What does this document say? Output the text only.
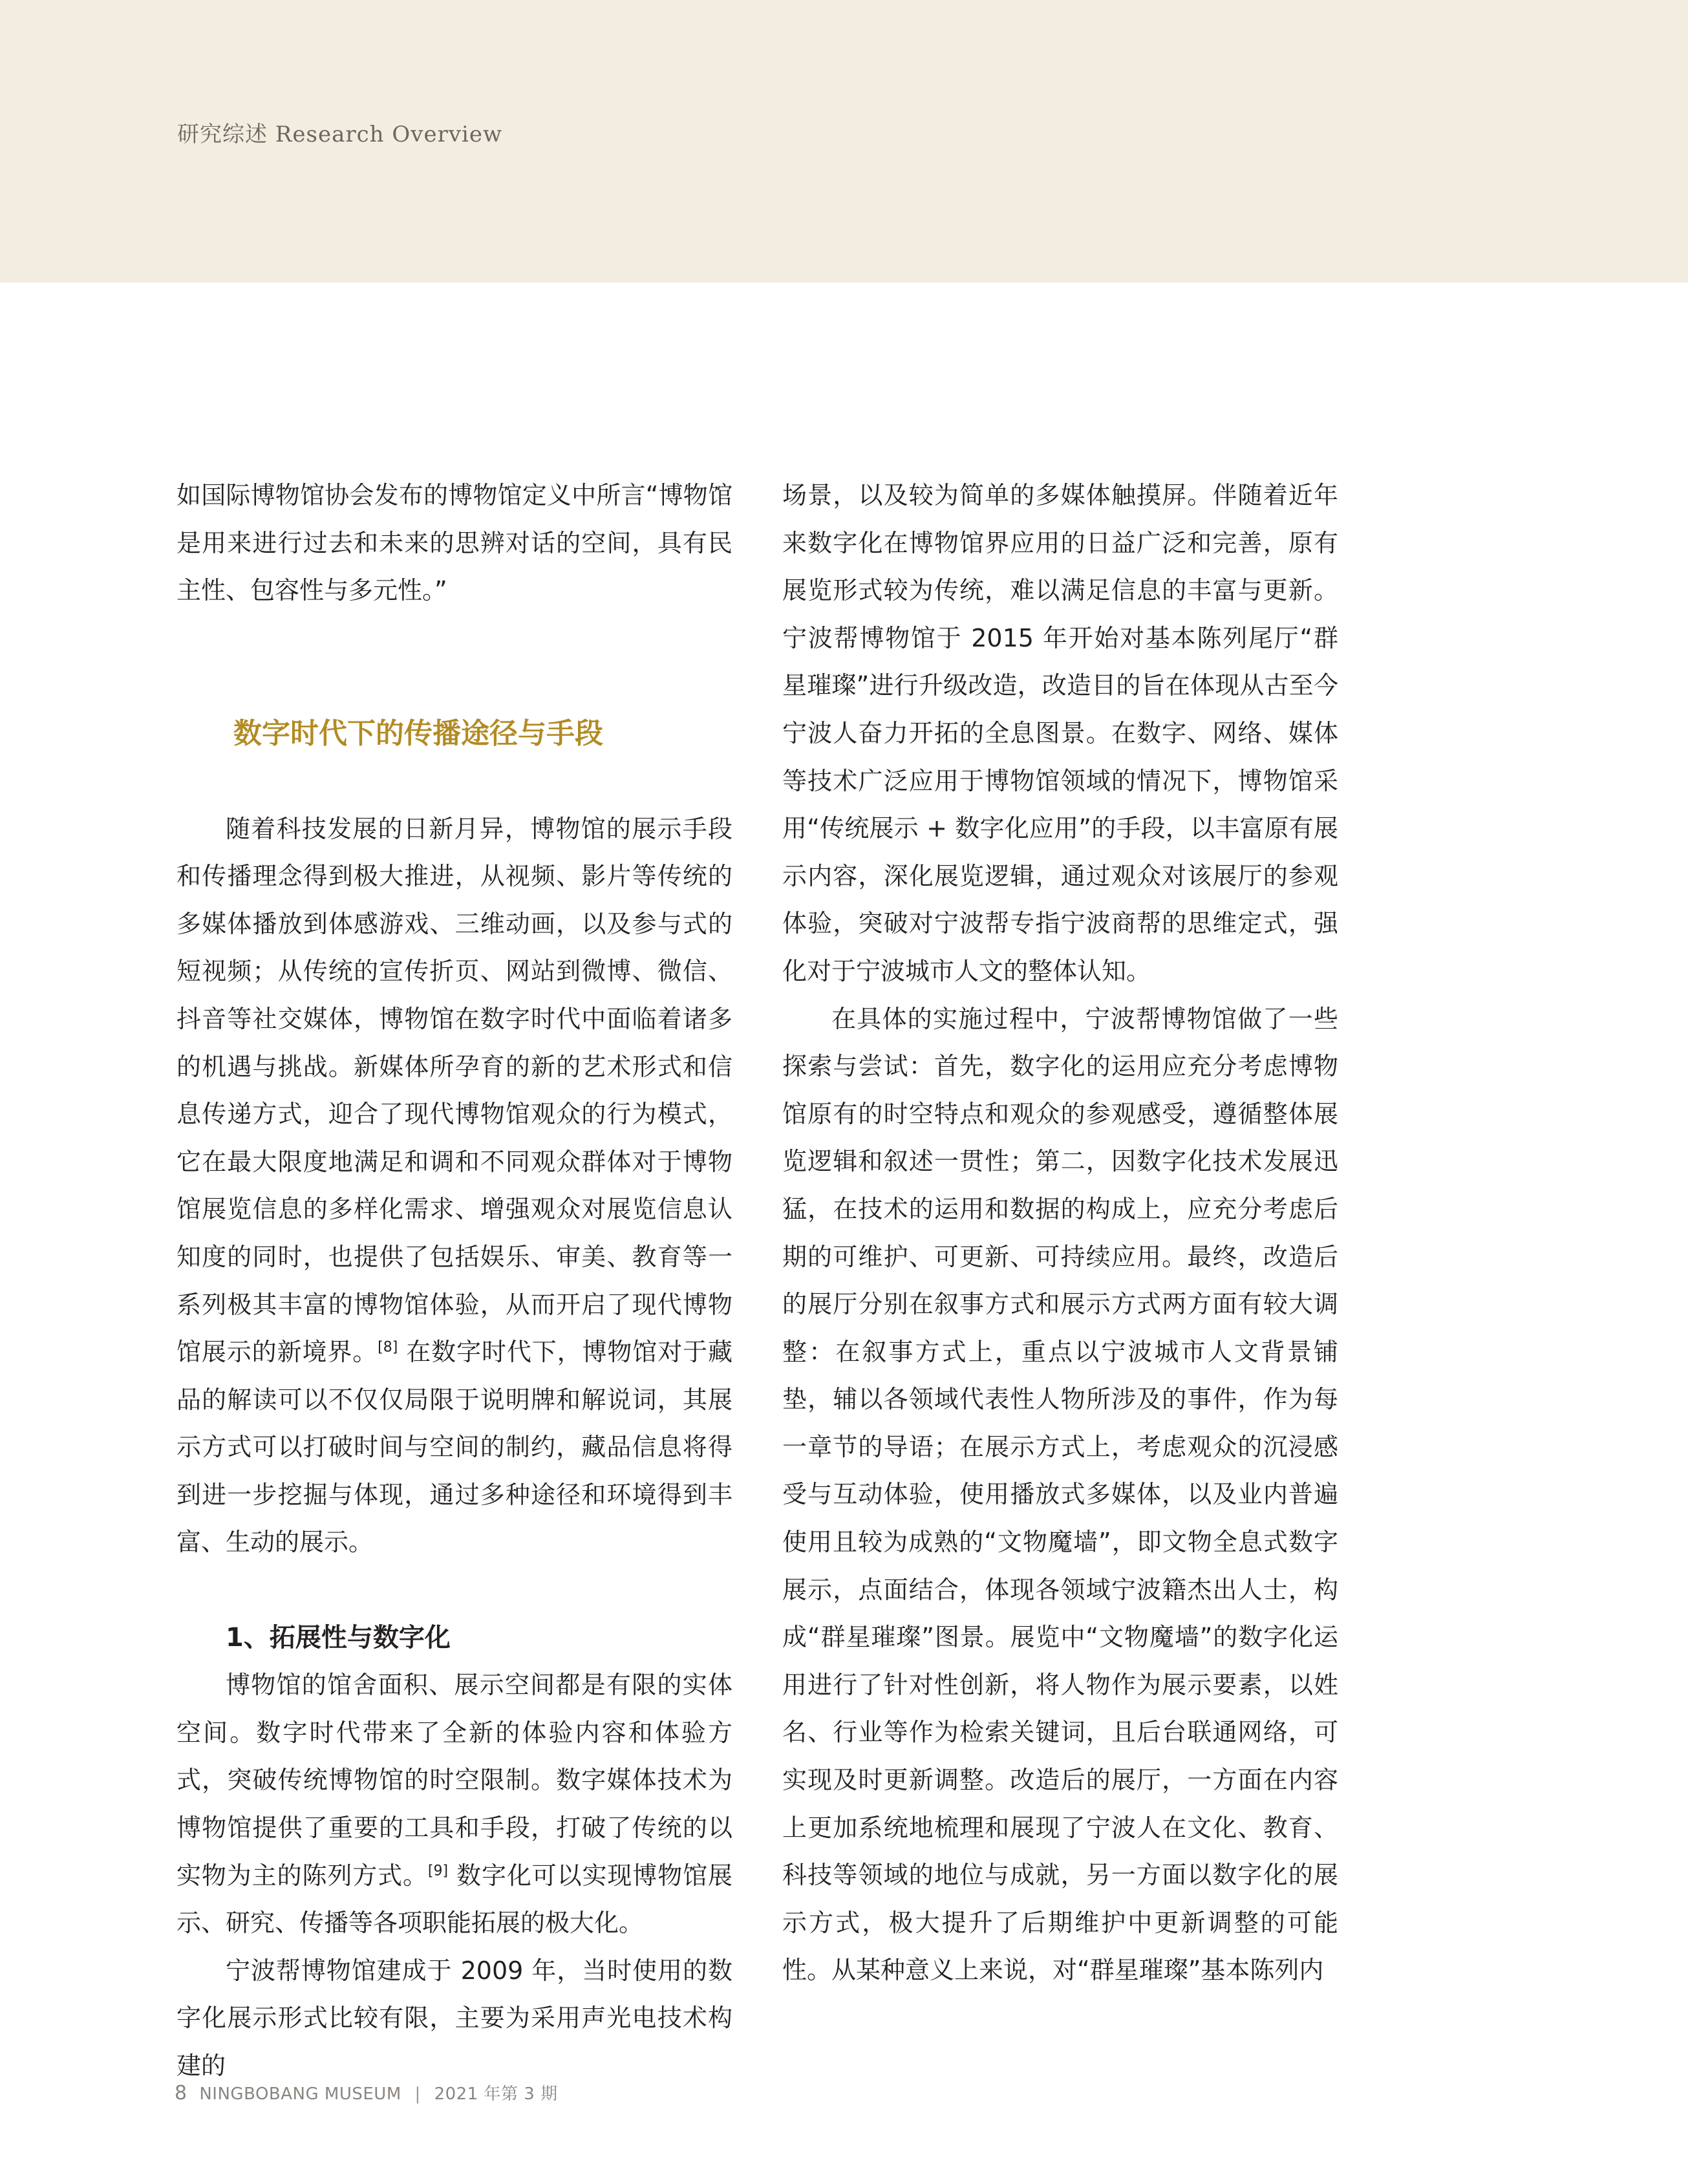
研究综述 Research Overview

如国际博物馆协会发布的博物馆定义中所言“博物馆是用来进行过去和未来的思辨对话的空间，具有民主性、包容性与多元性。”

数字时代下的传播途径与手段

随着科技发展的日新月异，博物馆的展示手段和传播理念得到极大推进，从视频、影片等传统的多媒体播放到体感游戏、三维动画，以及参与式的短视频；从传统的宣传折页、网站到微博、微信、抖音等社交媒体，博物馆在数字时代中面临着诸多的机遇与挑战。新媒体所孕育的新的艺术形式和信息传递方式，迎合了现代博物馆观众的行为模式，它在最大限度地满足和调和不同观众群体对于博物馆展览信息的多样化需求、增强观众对展览信息认知度的同时，也提供了包括娱乐、审美、教育等一系列极其丰富的博物馆体验，从而开启了现代博物馆展示的新境界。[8] 在数字时代下，博物馆对于藏品的解读可以不仅仅局限于说明牌和解说词，其展示方式可以打破时间与空间的制约，藏品信息将得到进一步挖掘与体现，通过多种途径和环境得到丰富、生动的展示。

1、拓展性与数字化

博物馆的馆舍面积、展示空间都是有限的实体空间。数字时代带来了全新的体验内容和体验方式，突破传统博物馆的时空限制。数字媒体技术为博物馆提供了重要的工具和手段，打破了传统的以实物为主的陈列方式。[9] 数字化可以实现博物馆展示、研究、传播等各项职能拓展的极大化。

宁波帮博物馆建成于 2009 年，当时使用的数字化展示形式比较有限，主要为采用声光电技术构建的

场景，以及较为简单的多媒体触摸屏。伴随着近年来数字化在博物馆界应用的日益广泛和完善，原有展览形式较为传统，难以满足信息的丰富与更新。宁波帮博物馆于 2015 年开始对基本陈列尾厅“群星璀璨”进行升级改造，改造目的旨在体现从古至今宁波人奋力开拓的全息图景。在数字、网络、媒体等技术广泛应用于博物馆领域的情况下，博物馆采用“传统展示 + 数字化应用”的手段，以丰富原有展示内容，深化展览逻辑，通过观众对该展厅的参观体验，突破对宁波帮专指宁波商帮的思维定式，强化对于宁波城市人文的整体认知。

在具体的实施过程中，宁波帮博物馆做了一些探索与尝试：首先，数字化的运用应充分考虑博物馆原有的时空特点和观众的参观感受，遵循整体展览逻辑和叙述一贯性；第二，因数字化技术发展迅猛，在技术的运用和数据的构成上，应充分考虑后期的可维护、可更新、可持续应用。最终，改造后的展厅分别在叙事方式和展示方式两方面有较大调整：在叙事方式上，重点以宁波城市人文背景铺垫，辅以各领域代表性人物所涉及的事件，作为每一章节的导语；在展示方式上，考虑观众的沉浸感受与互动体验，使用播放式多媒体，以及业内普遍使用且较为成熟的“文物魔墙”，即文物全息式数字展示，点面结合，体现各领域宁波籍杰出人士，构成“群星璀璨”图景。展览中“文物魔墙”的数字化运用进行了针对性创新，将人物作为展示要素，以姓名、行业等作为检索关键词，且后台联通网络，可实现及时更新调整。改造后的展厅，一方面在内容上更加系统地梳理和展现了宁波人在文化、教育、科技等领域的地位与成就，另一方面以数字化的展示方式，极大提升了后期维护中更新调整的可能性。从某种意义上来说，对“群星璀璨”基本陈列内

8 NINGBOBANG MUSEUM | 2021 年第 3 期
